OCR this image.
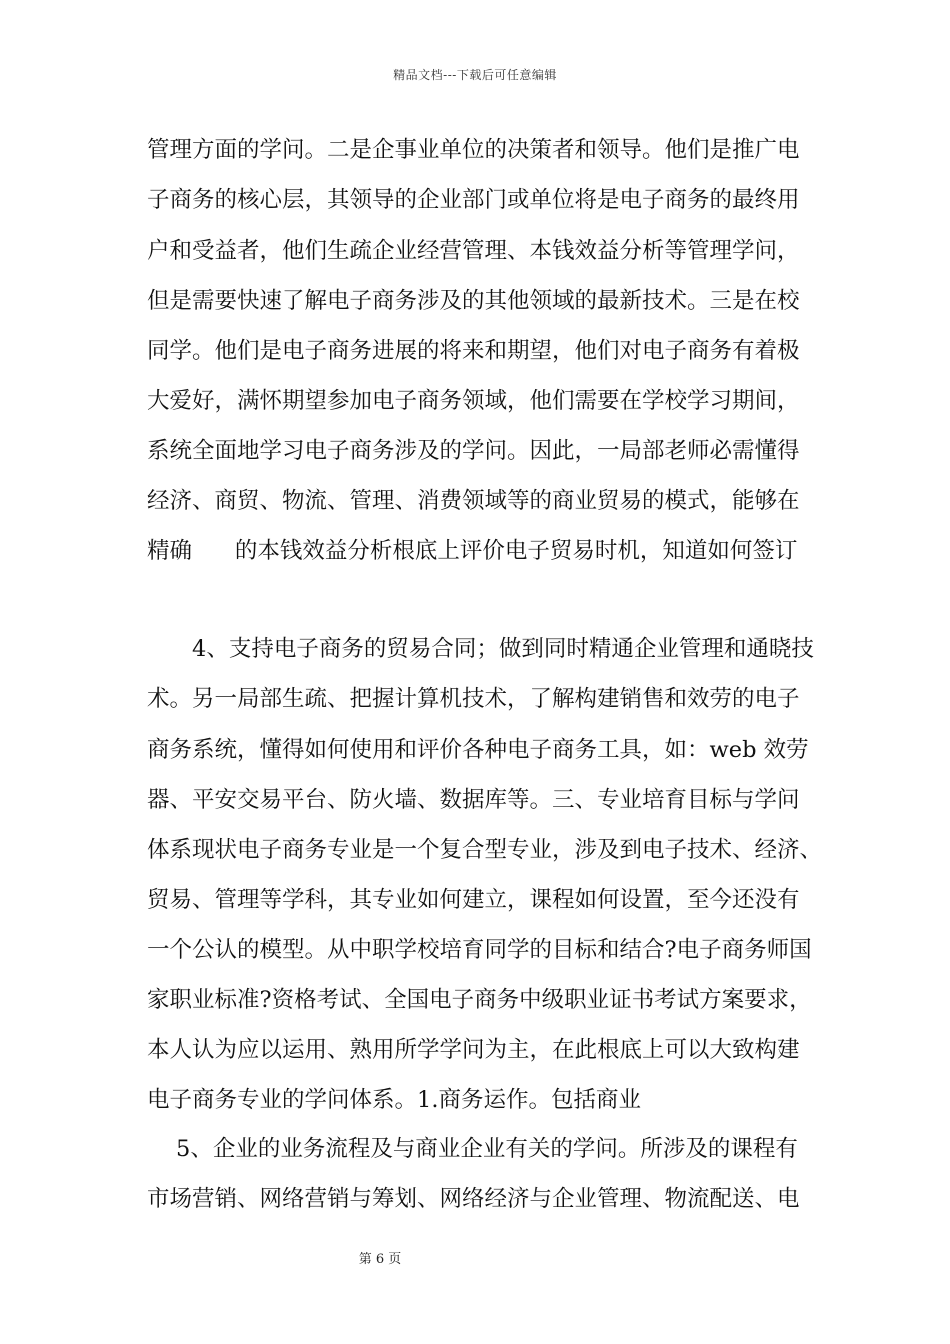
精品文档---下载后可任意编辑
管理方面的学问。二是企事业单位的决策者和领导。他们是推广电
子商务的核心层，其领导的企业部门或单位将是电子商务的最终用
户和受益者，他们生疏企业经营管理、本钱效益分析等管理学问，
但是需要快速了解电子商务涉及的其他领域的最新技术。三是在校
同学。他们是电子商务进展的将来和期望，他们对电子商务有着极
大爱好，满怀期望参加电子商务领域，他们需要在学校学习期间，
系统全面地学习电子商务涉及的学问。因此，一局部老师必需懂得
经济、商贸、物流、管理、消费领域等的商业贸易的模式，能够在
精确      的本钱效益分析根底上评价电子贸易时机，知道如何签订
4、支持电子商务的贸易合同；做到同时精通企业管理和通晓技
术。另一局部生疏、把握计算机技术，了解构建销售和效劳的电子
商务系统，懂得如何使用和评价各种电子商务工具，如：web 效劳
器、平安交易平台、防火墙、数据库等。三、专业培育目标与学问
体系现状电子商务专业是一个复合型专业，涉及到电子技术、经济、
贸易、管理等学科，其专业如何建立，课程如何设置，至今还没有
一个公认的模型。从中职学校培育同学的目标和结合?电子商务师国
家职业标准?资格考试、全国电子商务中级职业证书考试方案要求，
本人认为应以运用、熟用所学学问为主，在此根底上可以大致构建
电子商务专业的学问体系。1.商务运作。包括商业
5、企业的业务流程及与商业企业有关的学问。所涉及的课程有
市场营销、网络营销与筹划、网络经济与企业管理、物流配送、电
第 6 页
